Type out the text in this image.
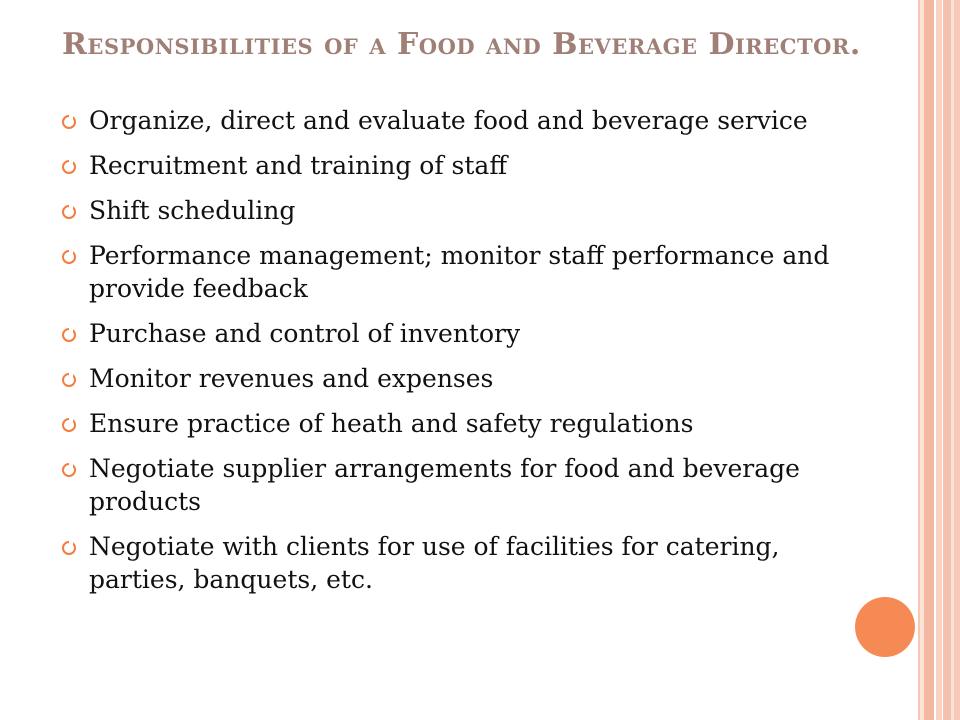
Responsibilities of a Food and Beverage Director.
Organize, direct and evaluate food and beverage service
Recruitment and training of staff
Shift scheduling
Performance management; monitor staff performance and provide feedback
Purchase and control of inventory
Monitor revenues and expenses
Ensure practice of heath and safety regulations
Negotiate supplier arrangements for food and beverage products
Negotiate with clients for use of facilities for catering, parties, banquets, etc.
